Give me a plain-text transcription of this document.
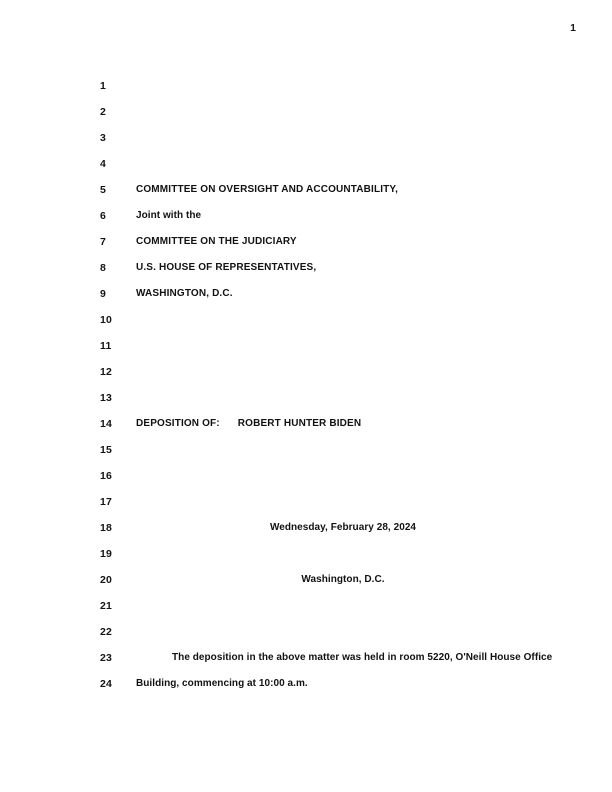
1
1
2
3
4
5	COMMITTEE ON OVERSIGHT AND ACCOUNTABILITY,
6	Joint with the
7	COMMITTEE ON THE JUDICIARY
8	U.S. HOUSE OF REPRESENTATIVES,
9	WASHINGTON, D.C.
10
11
12
13
14	DEPOSITION OF: ROBERT HUNTER BIDEN
15
16
17
18	Wednesday, February 28, 2024
19
20	Washington, D.C.
21
22
23	The deposition in the above matter was held in room 5220, O'Neill House Office
24	Building, commencing at 10:00 a.m.
